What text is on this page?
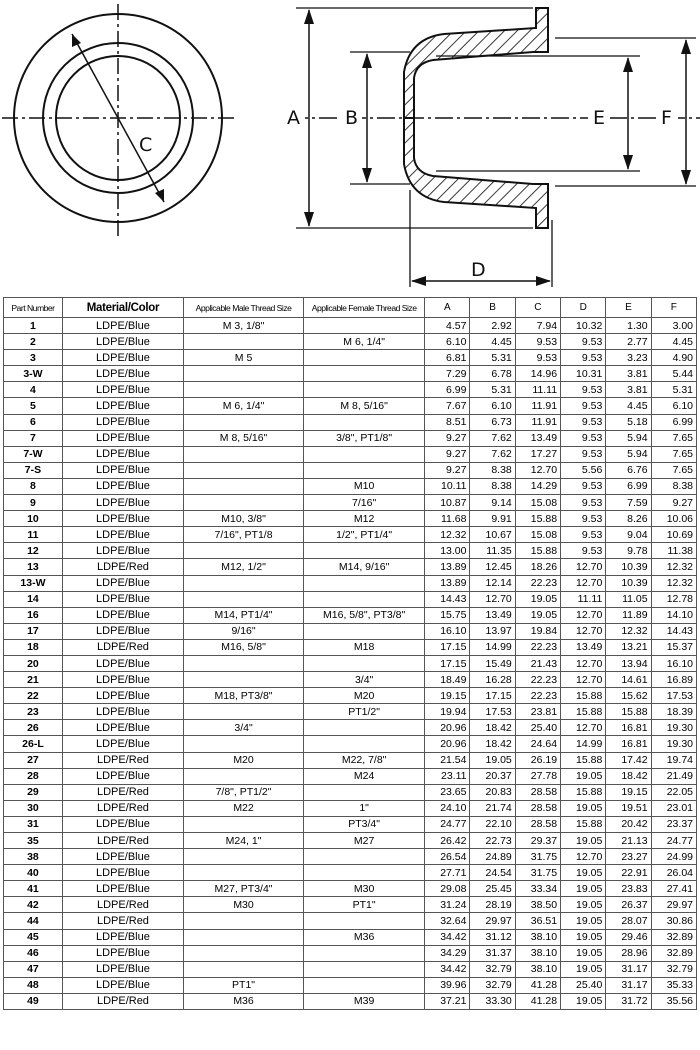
C
A B	E	F
D
Part Number	Material/Color	Applicable Male Thread Size	Applicable Female Thread Size	A	B	C	D	E	F
1	LDPE/Blue	M 3, 1/8"		4.57	2.92	7.94	10.32	1.30	3.00
2	LDPE/Blue		M 6, 1/4"	6.10	4.45	9.53	9.53	2.77	4.45
3	LDPE/Blue	M 5		6.81	5.31	9.53	9.53	3.23	4.90
3-W	LDPE/Blue			7.29	6.78	14.96	10.31	3.81	5.44
4	LDPE/Blue			6.99	5.31	11.11	9.53	3.81	5.31
5	LDPE/Blue	M 6, 1/4"	M 8, 5/16"	7.67	6.10	11.91	9.53	4.45	6.10
6	LDPE/Blue			8.51	6.73	11.91	9.53	5.18	6.99
7	LDPE/Blue	M 8, 5/16"	3/8", PT1/8"	9.27	7.62	13.49	9.53	5.94	7.65
7-W	LDPE/Blue			9.27	7.62	17.27	9.53	5.94	7.65
7-S	LDPE/Blue			9.27	8.38	12.70	5.56	6.76	7.65
8	LDPE/Blue		M10	10.11	8.38	14.29	9.53	6.99	8.38
9	LDPE/Blue		7/16"	10.87	9.14	15.08	9.53	7.59	9.27
10	LDPE/Blue	M10, 3/8"	M12	11.68	9.91	15.88	9.53	8.26	10.06
11	LDPE/Blue	7/16", PT1/8	1/2", PT1/4"	12.32	10.67	15.08	9.53	9.04	10.69
12	LDPE/Blue			13.00	11.35	15.88	9.53	9.78	11.38
13	LDPE/Red	M12, 1/2"	M14, 9/16"	13.89	12.45	18.26	12.70	10.39	12.32
13-W	LDPE/Blue			13.89	12.14	22.23	12.70	10.39	12.32
14	LDPE/Blue			14.43	12.70	19.05	11.11	11.05	12.78
16	LDPE/Blue	M14, PT1/4"	M16, 5/8", PT3/8"	15.75	13.49	19.05	12.70	11.89	14.10
17	LDPE/Blue	9/16"		16.10	13.97	19.84	12.70	12.32	14.43
18	LDPE/Red	M16, 5/8"	M18	17.15	14.99	22.23	13.49	13.21	15.37
20	LDPE/Blue			17.15	15.49	21.43	12.70	13.94	16.10
21	LDPE/Blue		3/4"	18.49	16.28	22.23	12.70	14.61	16.89
22	LDPE/Blue	M18, PT3/8"	M20	19.15	17.15	22.23	15.88	15.62	17.53
23	LDPE/Blue		PT1/2"	19.94	17.53	23.81	15.88	15.88	18.39
26	LDPE/Blue	3/4"		20.96	18.42	25.40	12.70	16.81	19.30
26-L	LDPE/Blue			20.96	18.42	24.64	14.99	16.81	19.30
27	LDPE/Red	M20	M22, 7/8"	21.54	19.05	26.19	15.88	17.42	19.74
28	LDPE/Blue		M24	23.11	20.37	27.78	19.05	18.42	21.49
29	LDPE/Red	7/8", PT1/2"		23.65	20.83	28.58	15.88	19.15	22.05
30	LDPE/Red	M22	1"	24.10	21.74	28.58	19.05	19.51	23.01
31	LDPE/Blue		PT3/4"	24.77	22.10	28.58	15.88	20.42	23.37
35	LDPE/Red	M24, 1"	M27	26.42	22.73	29.37	19.05	21.13	24.77
38	LDPE/Blue			26.54	24.89	31.75	12.70	23.27	24.99
40	LDPE/Blue			27.71	24.54	31.75	19.05	22.91	26.04
41	LDPE/Blue	M27, PT3/4"	M30	29.08	25.45	33.34	19.05	23.83	27.41
42	LDPE/Red	M30	PT1"	31.24	28.19	38.50	19.05	26.37	29.97
44	LDPE/Red			32.64	29.97	36.51	19.05	28.07	30.86
45	LDPE/Blue		M36	34.42	31.12	38.10	19.05	29.46	32.89
46	LDPE/Blue			34.29	31.37	38.10	19.05	28.96	32.89
47	LDPE/Blue			34.42	32.79	38.10	19.05	31.17	32.79
48	LDPE/Blue	PT1"		39.96	32.79	41.28	25.40	31.17	35.33
49	LDPE/Red	M36	M39	37.21	33.30	41.28	19.05	31.72	35.56
